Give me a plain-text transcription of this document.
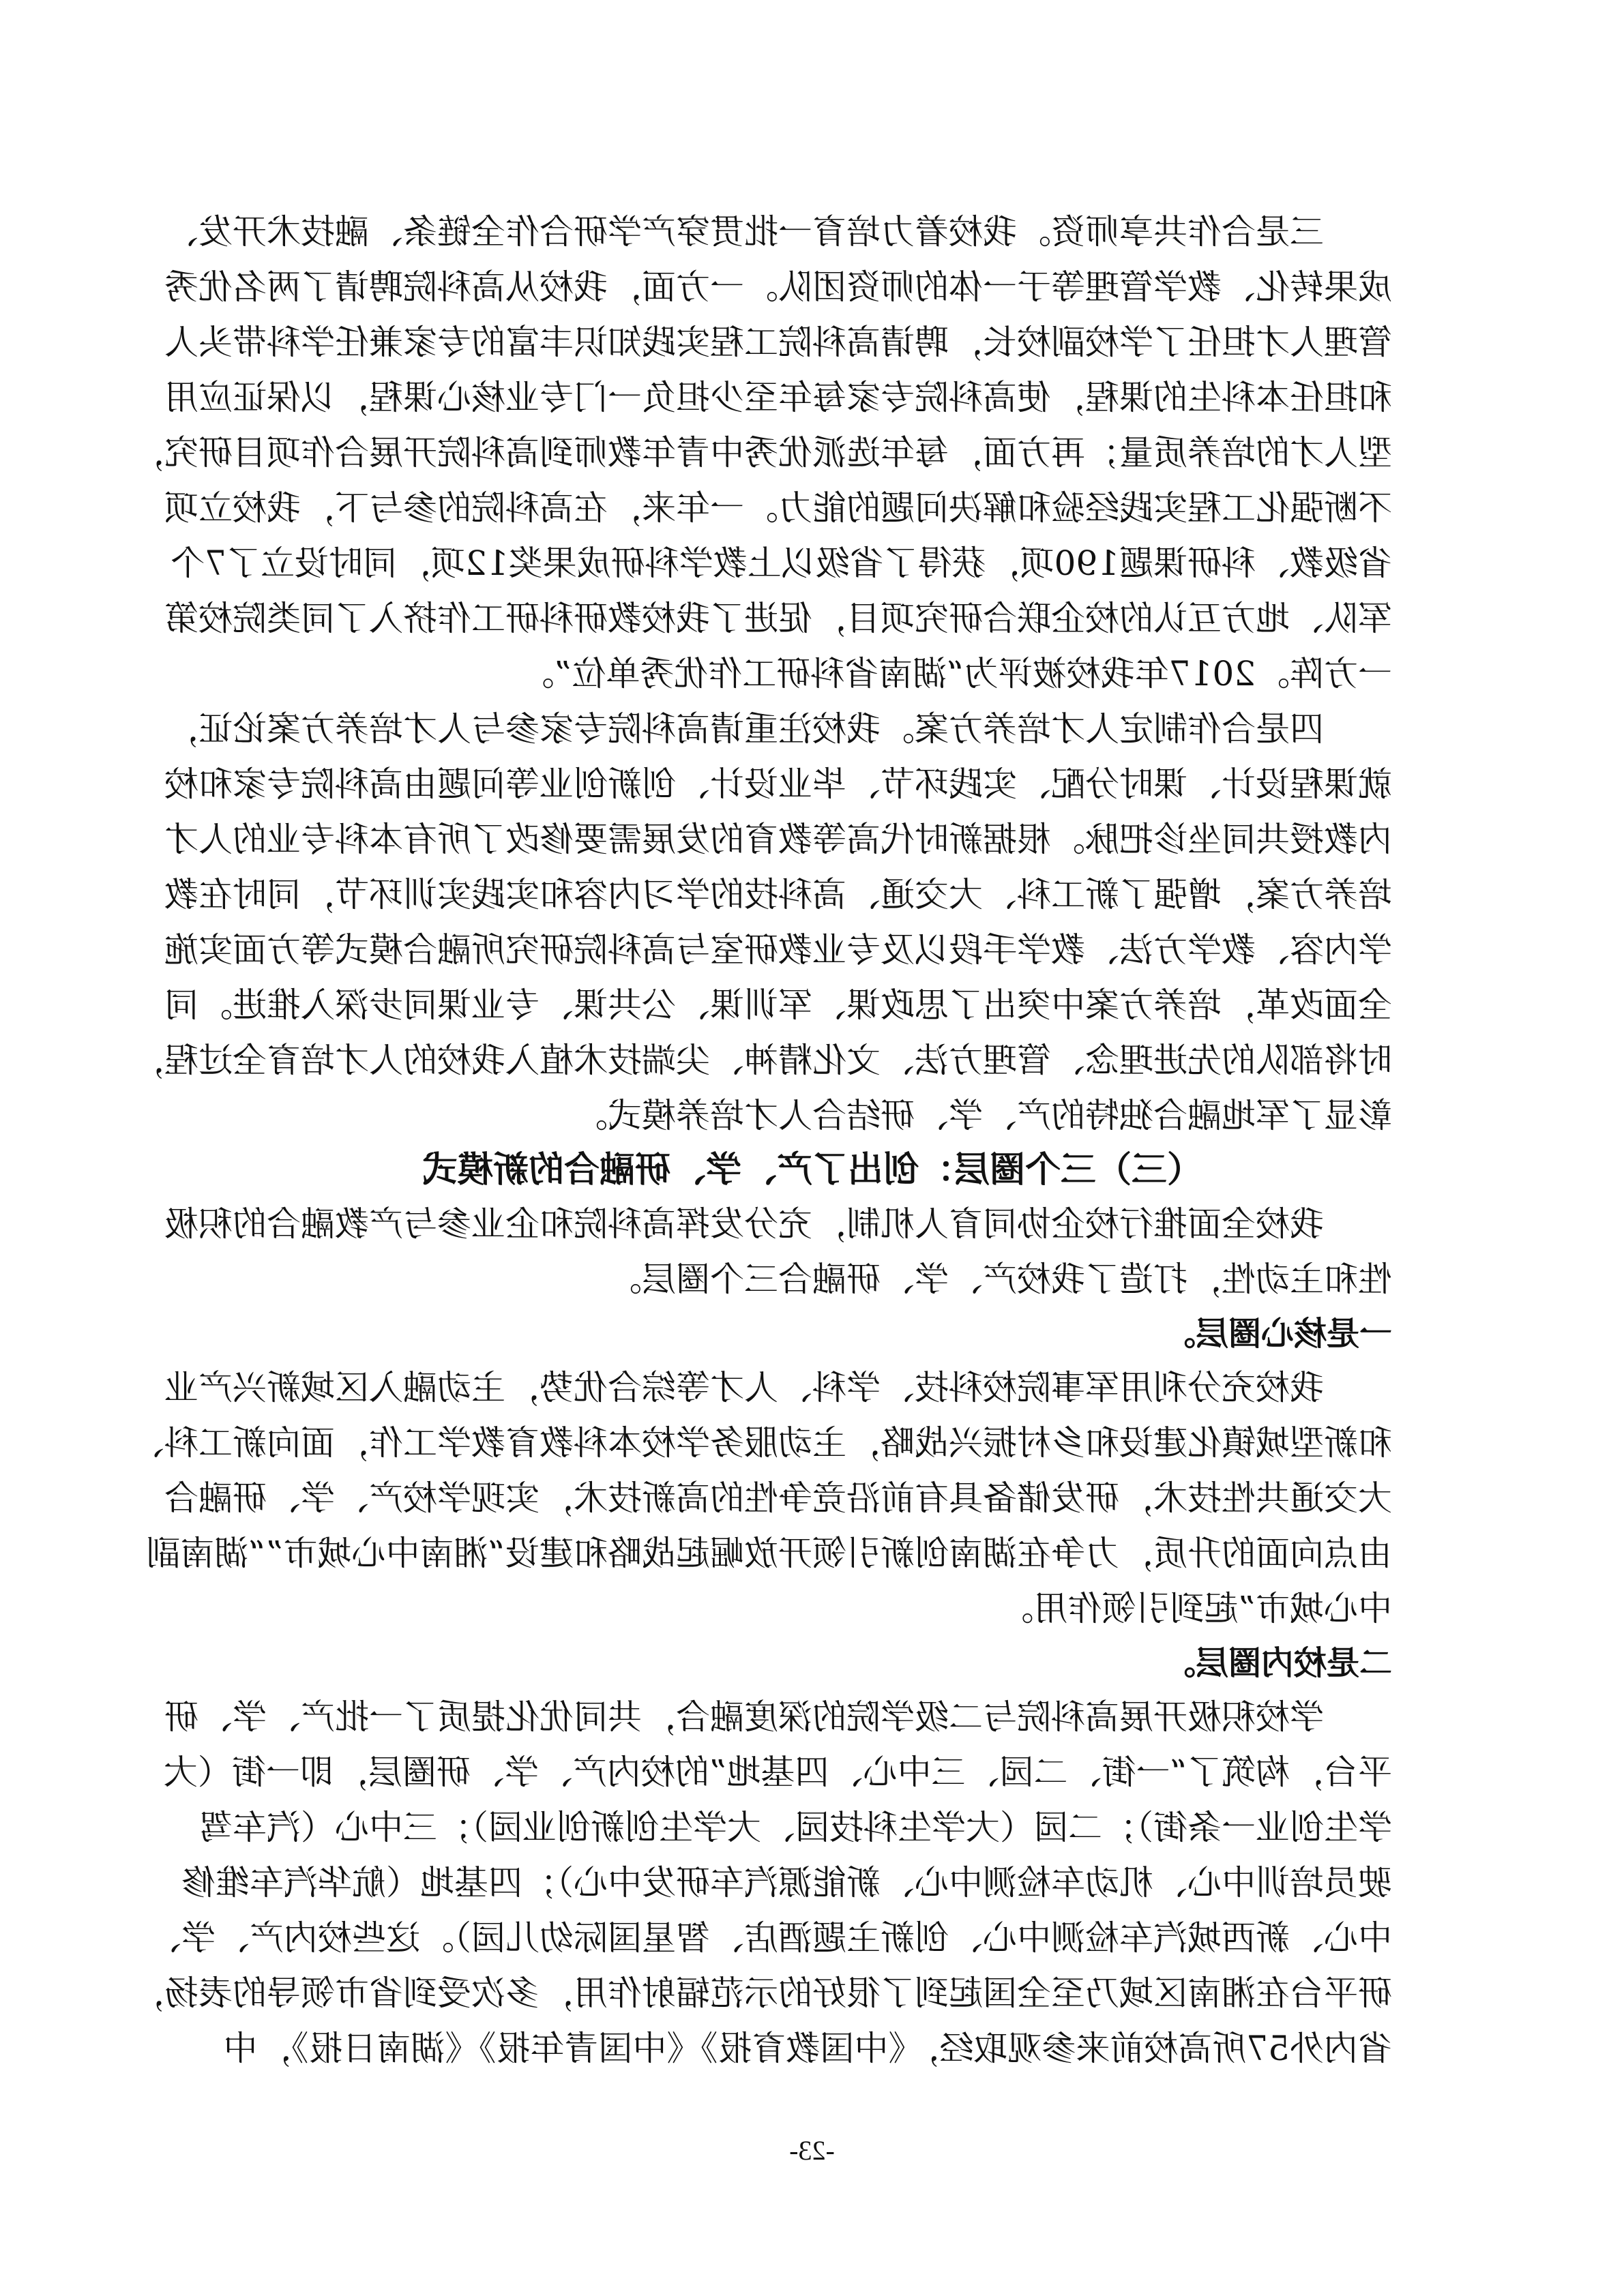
三是合作共享师资。我校着力培育一批贯穿产学研合作全链条、融技术开发、
成果转化、教学管理等于一体的师资团队。一方面，我校从高科院聘请了两名优秀
管理人才担任了学校副校长，聘请高科院工程实践知识丰富的专家兼任学科带头人
和担任本科生的课程，使高科院专家每年至少担负一门专业核心课程，以保证应用
型人才的培养质量；再方面，每年选派优秀中青年教师到高科院开展合作项目研究，
不断强化工程实践经验和解决问题的能力。一年来，在高科院的参与下，我校立项
省级教、科研课题190项，获得了省级以上教学科研成果奖12项，同时设立了7个
军队、地方互认的校企联合研究项目，促进了我校教研科研工作挤入了同类院校第
一方阵。2017年我校被评为“湖南省科研工作优秀单位”。
四是合作制定人才培养方案。我校注重请高科院专家参与人才培养方案论证，
就课程设计、课时分配、实践环节、毕业设计、创新创业等问题由高科院专家和校
内教授共同坐诊把脉。根据新时代高等教育的发展需要修改了所有本科专业的人才
培养方案，增强了新工科、大交通、高科技的学习内容和实践实训环节，同时在教
学内容、教学方法、教学手段以及专业教研室与高科院研究所融合模式等方面实施
全面改革，培养方案中突出了思政课、军训课、公共课、专业课同步深入推进。同
时将部队的先进理念、管理方法、文化精神、尖端技术植入我校的人才培育全过程，
彰显了军地融合独特的产、学、研结合人才培养模式。
（三）三个圈层：创出了产、学、研融合的新模式
我校全面推行校企协同育人机制，充分发挥高科院和企业参与产教融合的积极
性和主动性，打造了我校产、学、研融合三个圈层。
一是核心圈层。
我校充分利用军事院校科技、学科、人才等综合优势，主动融入区域新兴产业
和新型城镇化建设和乡村振兴战略，主动服务学校本科教育教学工作，面向新工科、
大交通共性技术，研发储备具有前沿竞争性的高新技术，实现学校产、学、研融合
由点向面的升质，力争在湖南创新引领开放崛起战略和建设“湘南中心城市”“湖南副
中心城市”起到引领作用。
二是校内圈层。
学校积极开展高科院与二级学院的深度融合，共同优化提质了一批产、学、研
平台，构筑了“一街、二园、三中心、四基地”的校内产、学、研圈层，即一街（大
学生创业一条街）；二园（大学生科技园、大学生创新创业园）；三中心（汽车驾
驶员培训中心、机动车检测中心、新能源汽车研发中心）；四基地（航华汽车维修
中心、新西城汽车检测中心、创新主题酒店、智星国际幼儿园）。这些校内产、学、
研平台在湘南区域乃至全国起到了很好的示范辐射作用，多次受到省市领导的表扬，
省内外57所高校前来参观取经，《中国教育报》《中国青年报》《湖南日报》，中
-23-
